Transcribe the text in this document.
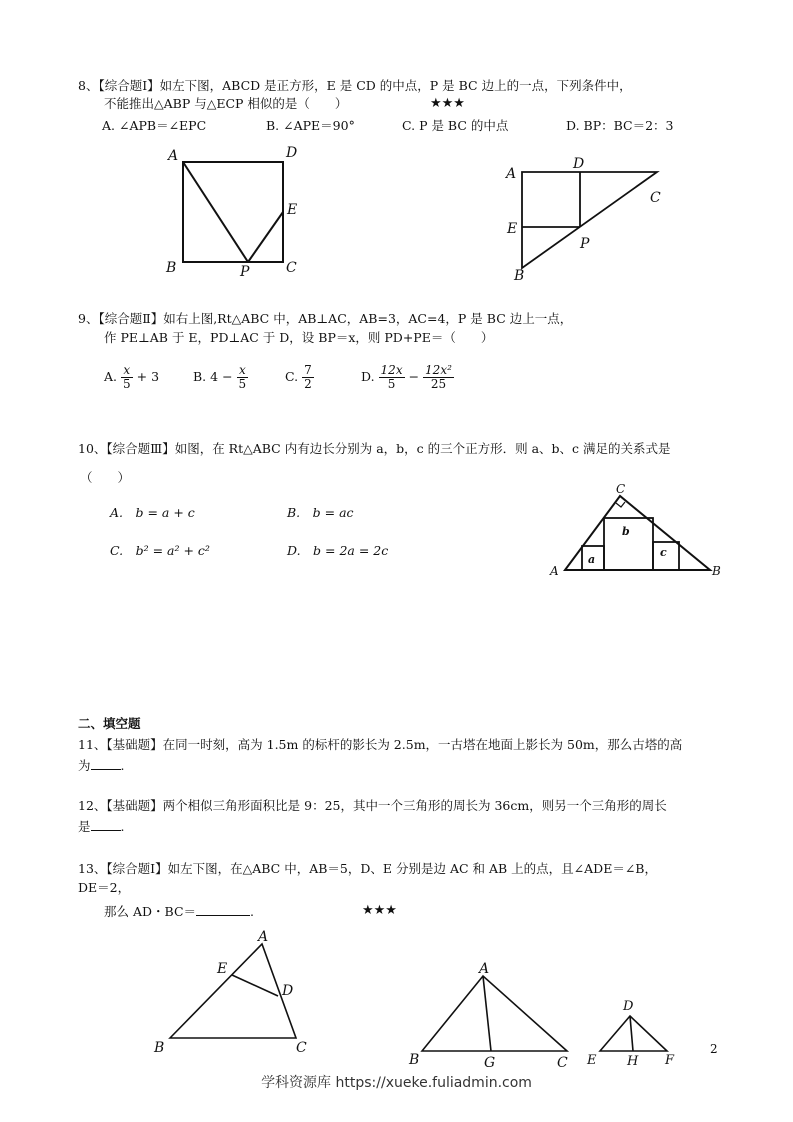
8、【综合题Ⅰ】如左下图，ABCD 是正方形，E 是 CD 的中点，P 是 BC 边上的一点，下列条件中，
不能推出△ABP 与△ECP 相似的是（　　）	★★★
A. ∠APB＝∠EPC	B. ∠APE＝90°	C. P 是 BC 的中点	D. BP：BC＝2：3
A	D
E
B	P	C
A
D
C
E
P
B
9、【综合题Ⅱ】如右上图,Rt△ABC 中，AB⊥AC，AB=3，AC=4，P 是 BC 边上一点，
作 PE⊥AB 于 E，PD⊥AC 于 D，设 BP＝x，则 PD+PE＝（　　）
A. $\frac{x}{5} + 3$	B. $4 - \frac{x}{5}$	C. $\frac{7}{2}$	D. $\frac{12x}{5} - \frac{\text{12x²}}{25}$
10、【综合题Ⅲ】如图，在 Rt△ABC 内有边长分别为 a，b，c 的三个正方形．则 a、b、c 满足的关系式是
（　　）
A.　b = a + c	B.　b = ac
C.　b² = a² + c²	D.　b = 2a = 2c
C
A	B
a
b
c
二、填空题
11、【基础题】在同一时刻，高为 1.5m 的标杆的影长为 2.5m，一古塔在地面上影长为 50m，那么古塔的高
为 .
12、【基础题】两个相似三角形面积比是 9：25，其中一个三角形的周长为 36cm，则另一个三角形的周长
是 .
13、【综合题Ⅰ】如左下图，在△ABC 中，AB＝5，D、E 分别是边 AC 和 AB 上的点，且∠ADE＝∠B，
DE＝2，
那么 AD・BC＝	.	★★★
A
E
D
B	C
A
B	G	C
D
E H F
2
学科资源库 https://xueke.fuliadmin.com
